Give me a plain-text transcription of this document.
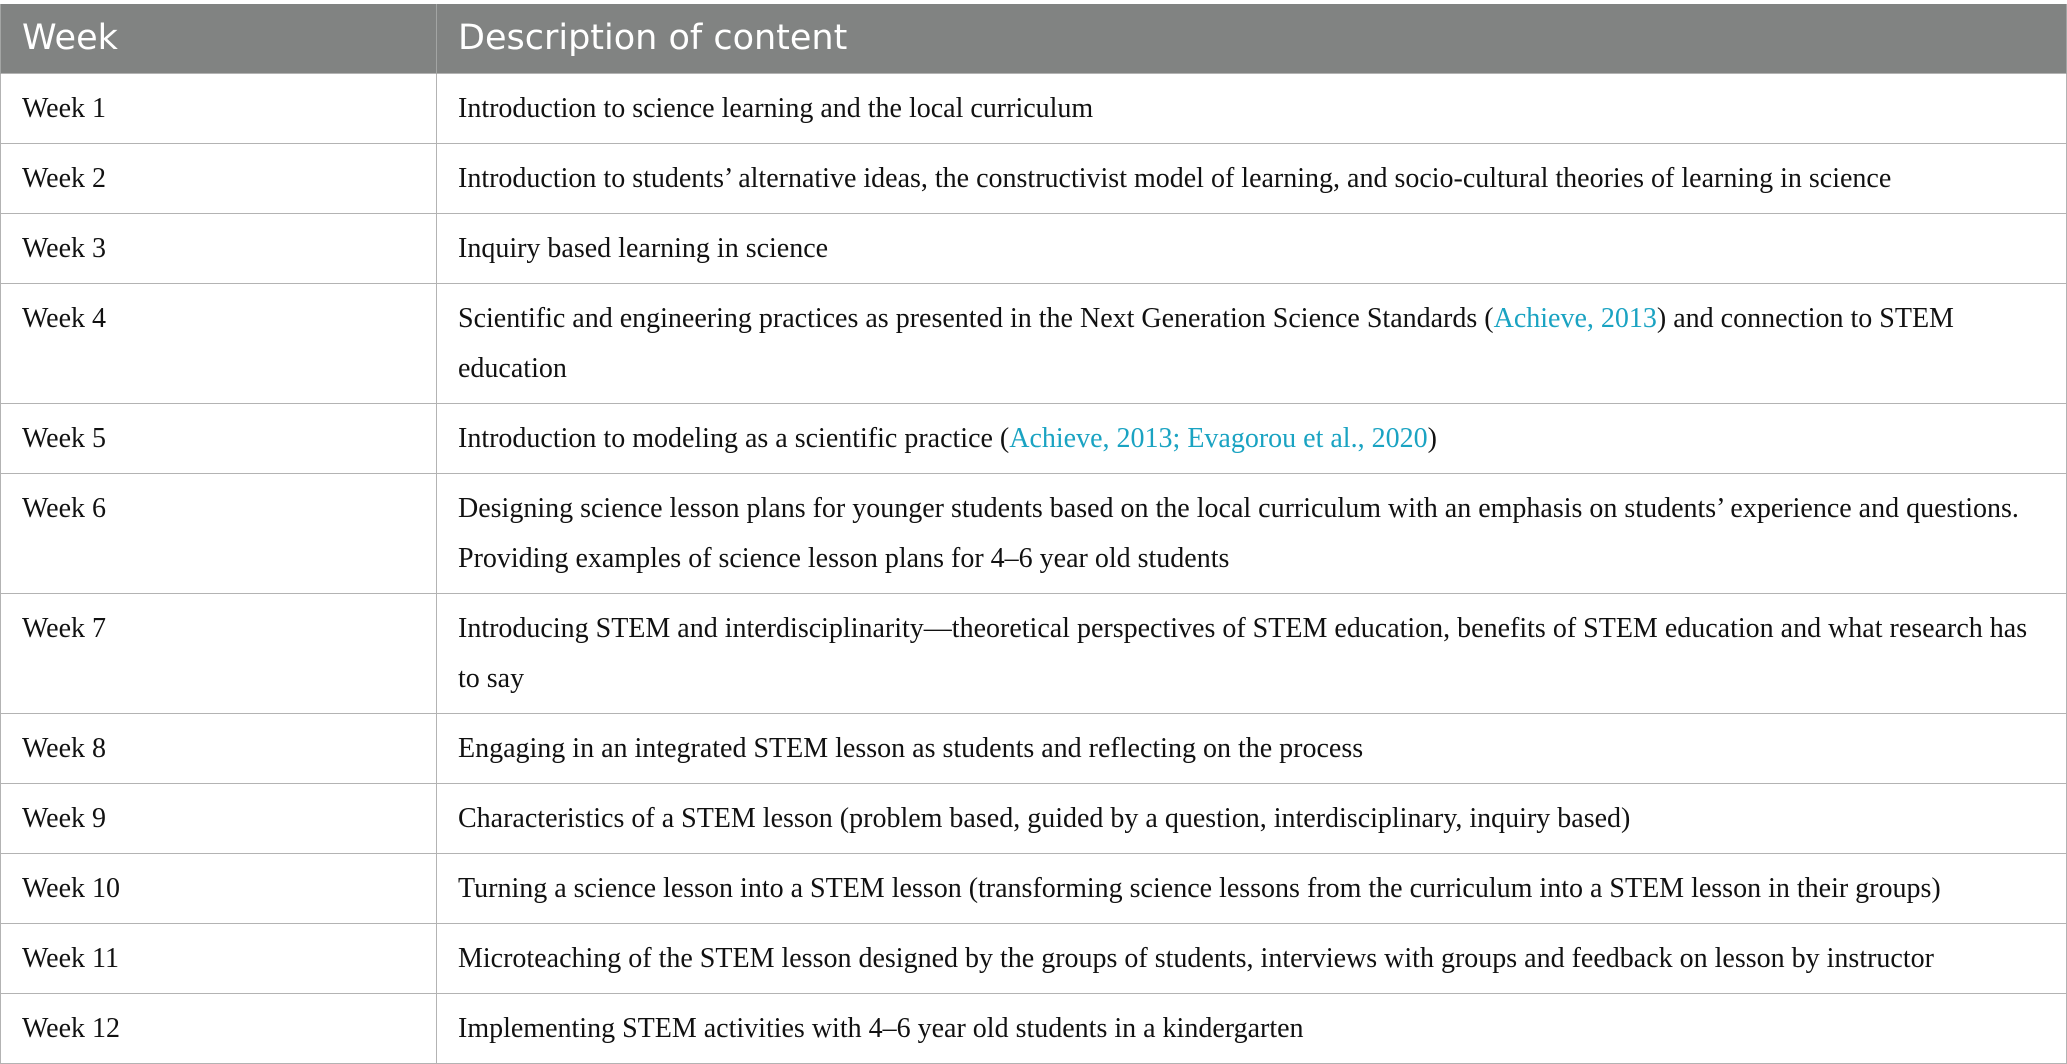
Week	Description of content
Week 1	Introduction to science learning and the local curriculum
Week 2	Introduction to students’ alternative ideas, the constructivist model of learning, and socio-cultural theories of learning in science
Week 3	Inquiry based learning in science
Week 4	Scientific and engineering practices as presented in the Next Generation Science Standards (Achieve, 2013) and connection to STEM education
Week 5	Introduction to modeling as a scientific practice (Achieve, 2013; Evagorou et al., 2020)
Week 6	Designing science lesson plans for younger students based on the local curriculum with an emphasis on students’ experience and questions. Providing examples of science lesson plans for 4–6 year old students
Week 7	Introducing STEM and interdisciplinarity—theoretical perspectives of STEM education, benefits of STEM education and what research has to say
Week 8	Engaging in an integrated STEM lesson as students and reflecting on the process
Week 9	Characteristics of a STEM lesson (problem based, guided by a question, interdisciplinary, inquiry based)
Week 10	Turning a science lesson into a STEM lesson (transforming science lessons from the curriculum into a STEM lesson in their groups)
Week 11	Microteaching of the STEM lesson designed by the groups of students, interviews with groups and feedback on lesson by instructor
Week 12	Implementing STEM activities with 4–6 year old students in a kindergarten
